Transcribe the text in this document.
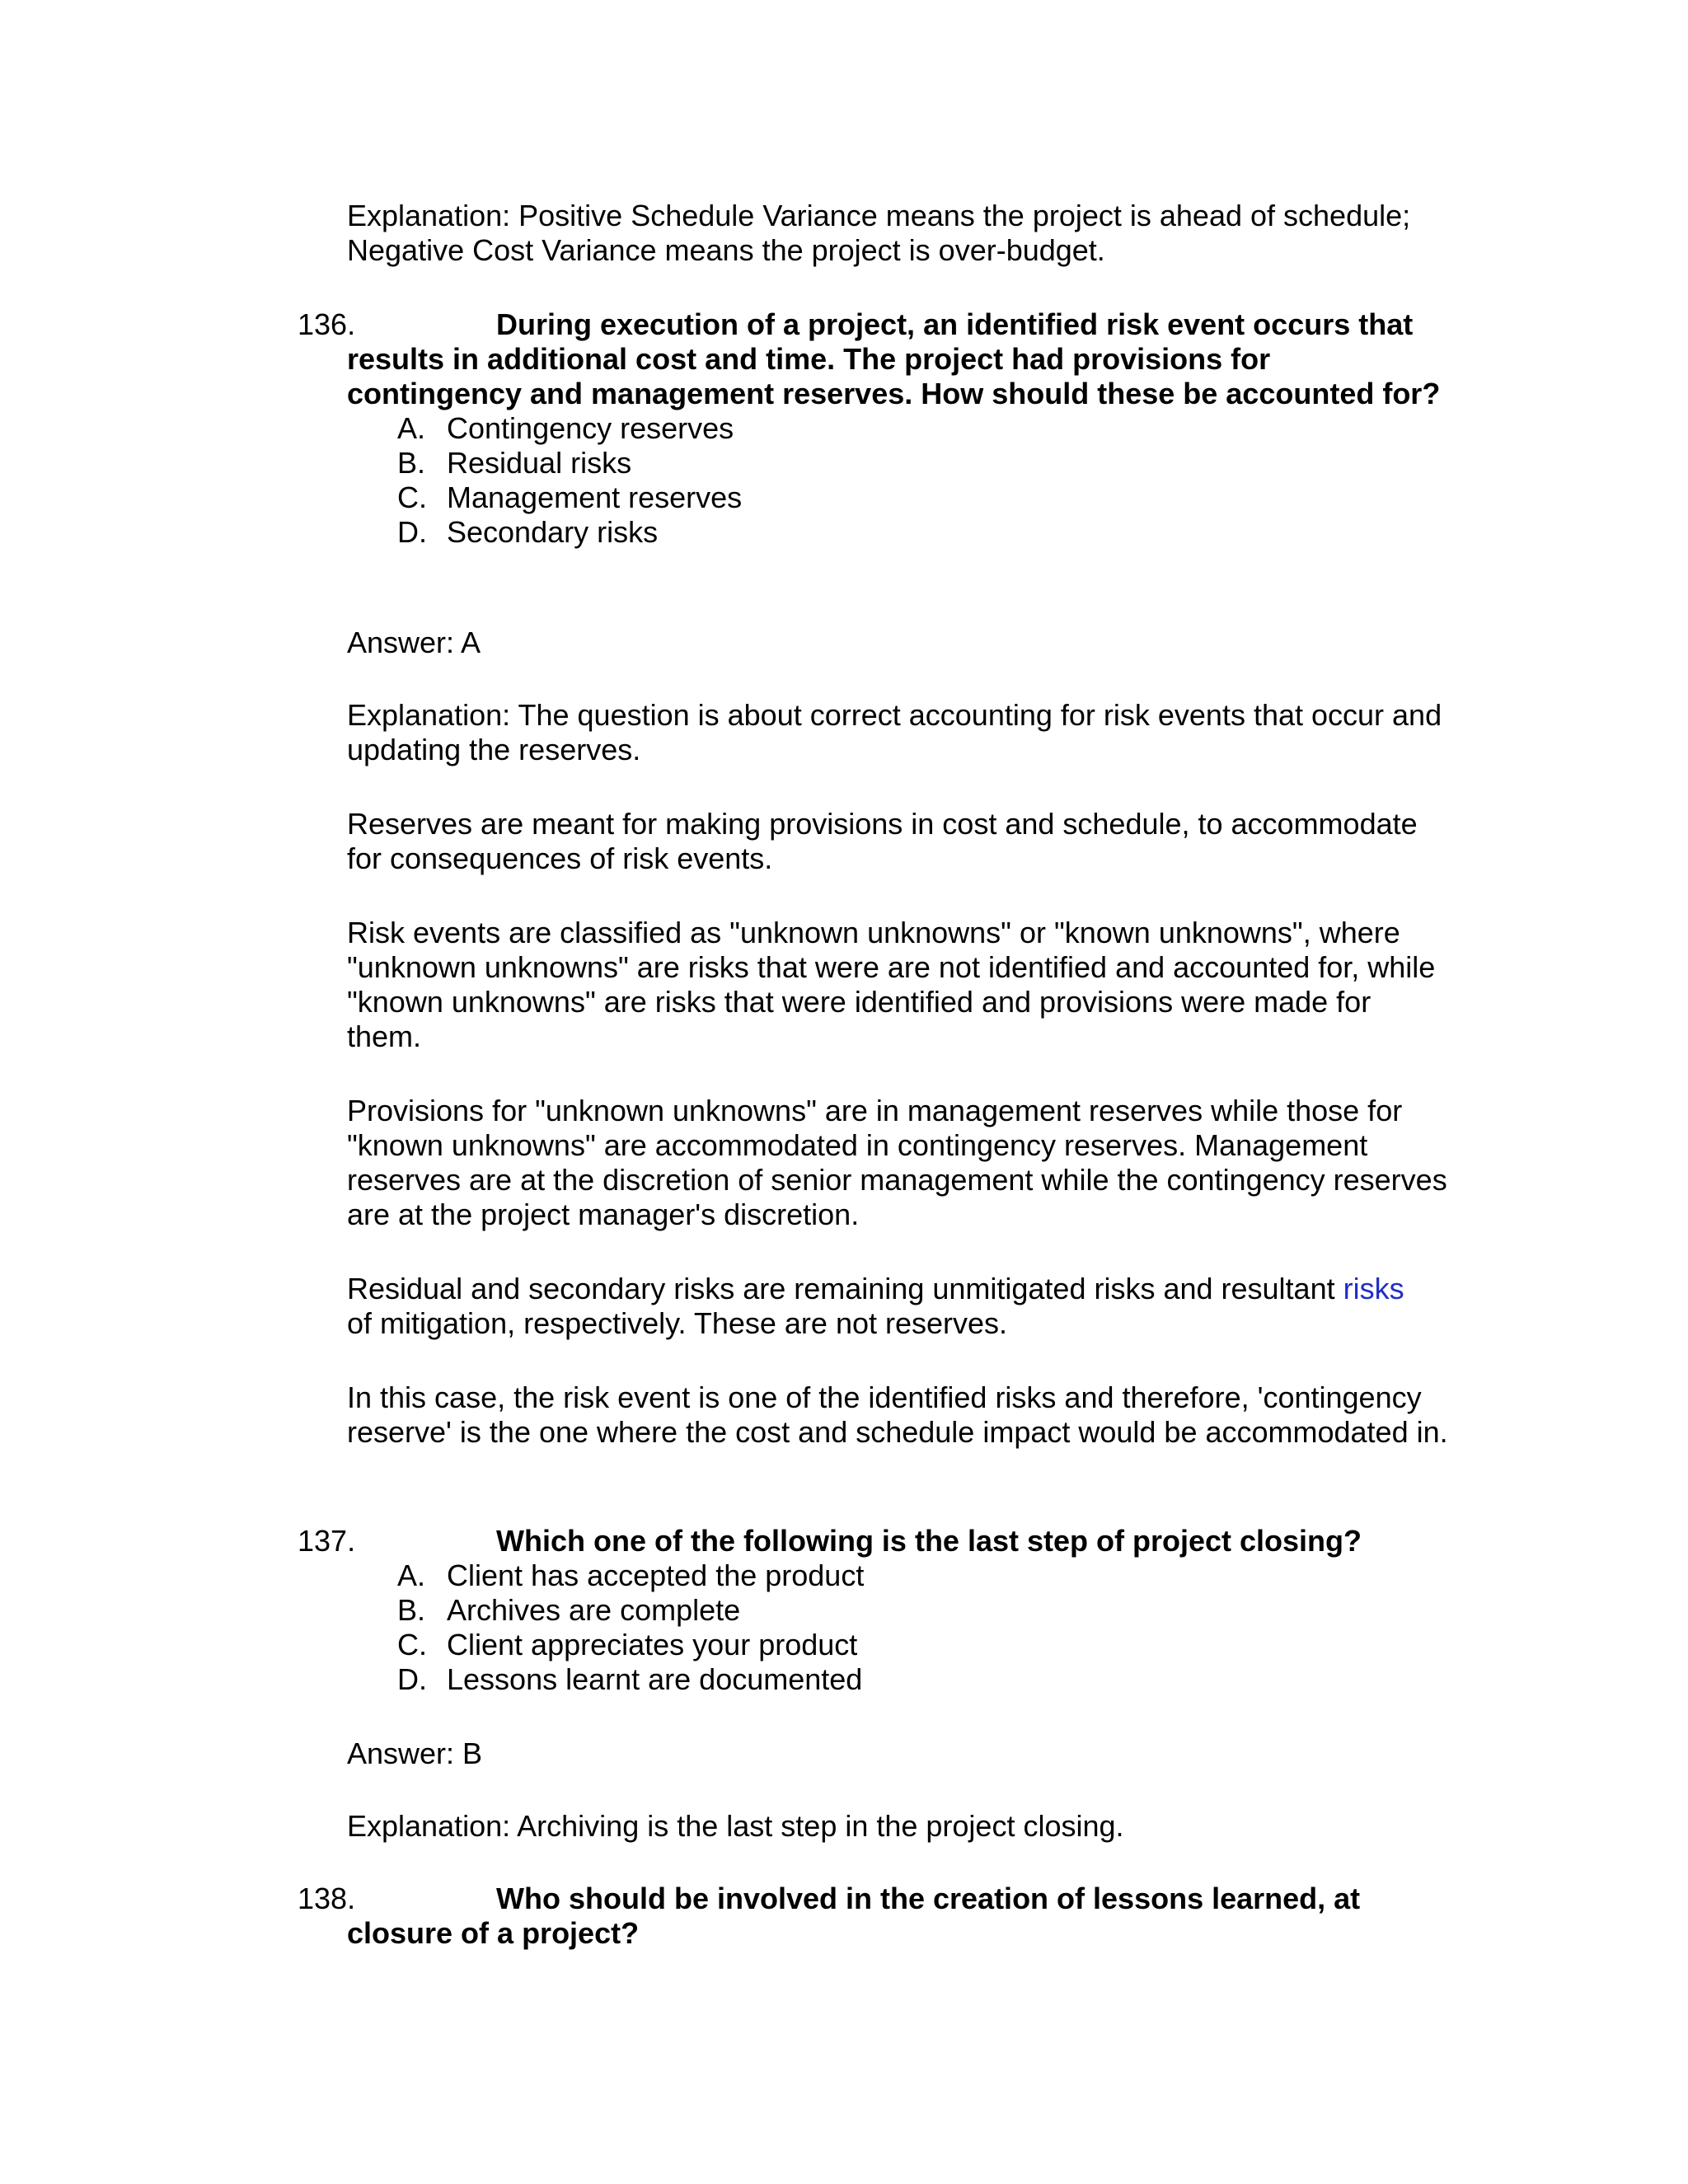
Explanation: Positive Schedule Variance means the project is ahead of schedule;
Negative Cost Variance means the project is over-budget.

136.	During execution of a project, an identified risk event occurs that results in additional cost and time. The project had provisions for contingency and management reserves. How should these be accounted for?

A. Contingency reserves
B. Residual risks
C. Management reserves
D. Secondary risks

Answer: A

Explanation: The question is about correct accounting for risk events that occur and updating the reserves.

Reserves are meant for making provisions in cost and schedule, to accommodate for consequences of risk events.

Risk events are classified as "unknown unknowns" or "known unknowns", where "unknown unknowns" are risks that were are not identified and accounted for, while "known unknowns" are risks that were identified and provisions were made for them.

Provisions for "unknown unknowns" are in management reserves while those for "known unknowns" are accommodated in contingency reserves. Management reserves are at the discretion of senior management while the contingency reserves are at the project manager's discretion.

Residual and secondary risks are remaining unmitigated risks and resultant risks
of mitigation, respectively. These are not reserves.

In this case, the risk event is one of the identified risks and therefore, 'contingency reserve' is the one where the cost and schedule impact would be accommodated in.

137.	Which one of the following is the last step of project closing?

A. Client has accepted the product
B. Archives are complete
C. Client appreciates your product
D. Lessons learnt are documented

Answer: B

Explanation: Archiving is the last step in the project closing.

138.	Who should be involved in the creation of lessons learned, at closure of a project?
